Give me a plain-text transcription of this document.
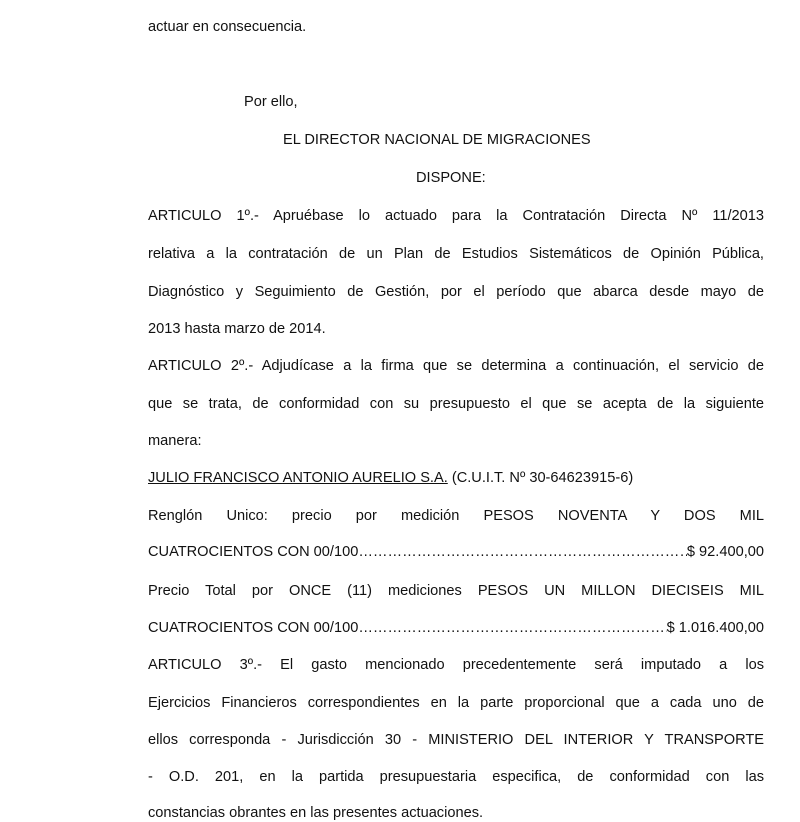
actuar en consecuencia.
Por ello,
EL DIRECTOR NACIONAL DE MIGRACIONES
DISPONE:
ARTICULO 1º.- Apruébase lo actuado para la Contratación Directa Nº 11/2013
relativa a la contratación de un Plan de Estudios Sistemáticos de Opinión Pública,
Diagnóstico y Seguimiento de Gestión, por el período que abarca desde mayo de
2013 hasta marzo de 2014.
ARTICULO 2º.- Adjudícase a la firma que se determina a continuación, el servicio de
que se trata, de conformidad con su presupuesto el que se acepta de la siguiente
manera:
JULIO FRANCISCO ANTONIO AURELIO S.A. (C.U.I.T. Nº 30-64623915-6)
Renglón Unico: precio por medición PESOS NOVENTA Y DOS MIL
CUATROCIENTOS CON 00/100 ………………………………………………………………………………………………………………	$ 92.400,00
Precio Total por ONCE (11) mediciones PESOS UN MILLON DIECISEIS MIL
CUATROCIENTOS CON 00/100 ………………………………………………………………………………………………………………	$ 1.016.400,00
ARTICULO 3º.- El gasto mencionado precedentemente será imputado a los
Ejercicios Financieros correspondientes en la parte proporcional que a cada uno de
ellos corresponda - Jurisdicción 30 - MINISTERIO DEL INTERIOR Y TRANSPORTE
- O.D. 201, en la partida presupuestaria especifica, de conformidad con las
constancias obrantes en las presentes actuaciones.
